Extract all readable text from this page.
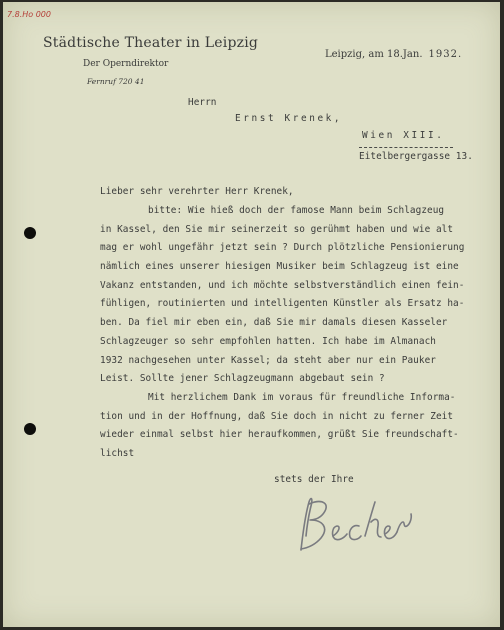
7.8.Ho 000
Städtische Theater in Leipzig
Der Operndirektor
Fernruf 720 41
Leipzig, am 18.Jan. 1932.
Herrn
Ernst Krenek,
Wien XIII.
Eitelbergergasse 13.
Lieber sehr verehrter Herr Krenek,
bitte: Wie hieß doch der famose Mann beim Schlagzeug
in Kassel, den Sie mir seinerzeit so gerühmt haben und wie alt
mag er wohl ungefähr jetzt sein ? Durch plötzliche Pensionierung
nämlich eines unserer hiesigen Musiker beim Schlagzeug ist eine
Vakanz entstanden, und ich möchte selbstverständlich einen fein-
fühligen, routinierten und intelligenten Künstler als Ersatz ha-
ben. Da fiel mir eben ein, daß Sie mir damals diesen Kasseler
Schlagzeuger so sehr empfohlen hatten. Ich habe im Almanach
1932 nachgesehen unter Kassel; da steht aber nur ein Pauker
Leist. Sollte jener Schlagzeugmann abgebaut sein ?
Mit herzlichem Dank im voraus für freundliche Informa-
tion und in der Hoffnung, daß Sie doch in nicht zu ferner Zeit
wieder einmal selbst hier heraufkommen, grüßt Sie freundschaft-
lichst
stets der Ihre
